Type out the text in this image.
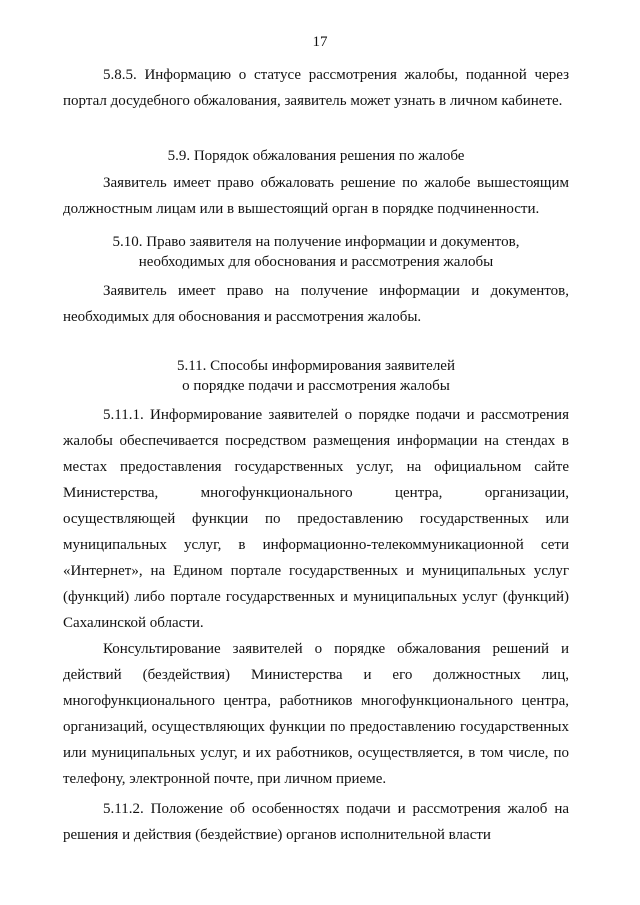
17

5.8.5. Информацию о статусе рассмотрения жалобы, поданной через портал досудебного обжалования, заявитель может узнать в личном кабинете.

5.9. Порядок обжалования решения по жалобе

Заявитель имеет право обжаловать решение по жалобе вышестоящим должностным лицам или в вышестоящий орган в порядке подчиненности.

5.10. Право заявителя на получение информации и документов,
необходимых для обоснования и рассмотрения жалобы

Заявитель имеет право на получение информации и документов, необходимых для обоснования и рассмотрения жалобы.

5.11. Способы информирования заявителей
о порядке подачи и рассмотрения жалобы

5.11.1. Информирование заявителей о порядке подачи и рассмотрения жалобы обеспечивается посредством размещения информации на стендах в местах предоставления государственных услуг, на официальном сайте Министерства, многофункционального центра, организации, осуществляющей функции по предоставлению государственных или муниципальных услуг, в информационно-телекоммуникационной сети «Интернет», на Едином портале государственных и муниципальных услуг (функций) либо портале государственных и муниципальных услуг (функций) Сахалинской области.

Консультирование заявителей о порядке обжалования решений и действий (бездействия) Министерства и его должностных лиц, многофункционального центра, работников многофункционального центра, организаций, осуществляющих функции по предоставлению государственных или муниципальных услуг, и их работников, осуществляется, в том числе, по телефону, электронной почте, при личном приеме.

5.11.2. Положение об особенностях подачи и рассмотрения жалоб на решения и действия (бездействие) органов исполнительной власти
